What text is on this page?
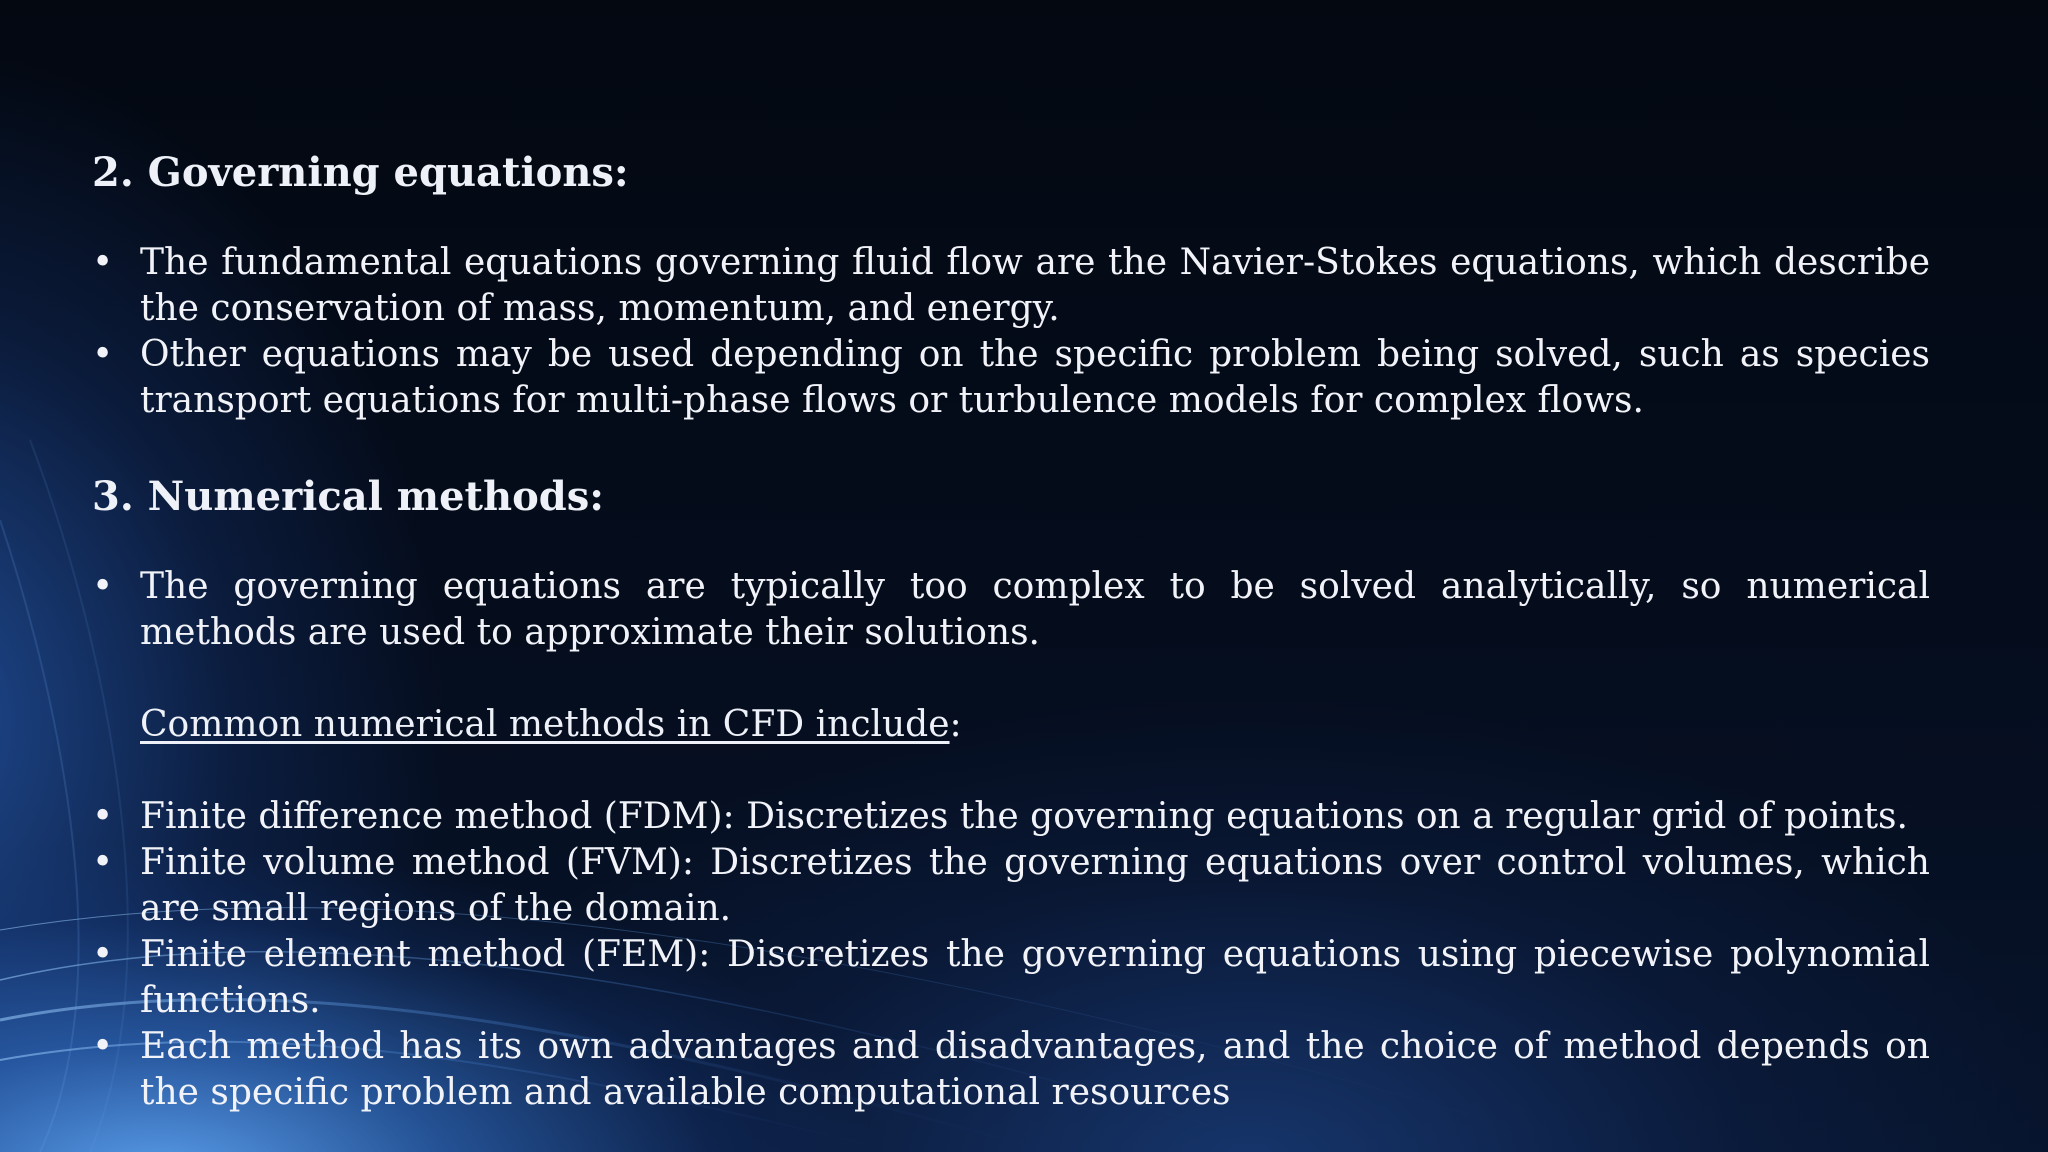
2. Governing equations:
• The fundamental equations governing fluid flow are the Navier-Stokes equations, which describe the conservation of mass, momentum, and energy.
• Other equations may be used depending on the specific problem being solved, such as species transport equations for multi-phase flows or turbulence models for complex flows.
3. Numerical methods:
• The governing equations are typically too complex to be solved analytically, so numerical methods are used to approximate their solutions.
Common numerical methods in CFD include:
• Finite difference method (FDM): Discretizes the governing equations on a regular grid of points.
• Finite volume method (FVM): Discretizes the governing equations over control volumes, which are small regions of the domain.
• Finite element method (FEM): Discretizes the governing equations using piecewise polynomial functions.
• Each method has its own advantages and disadvantages, and the choice of method depends on the specific problem and available computational resources
